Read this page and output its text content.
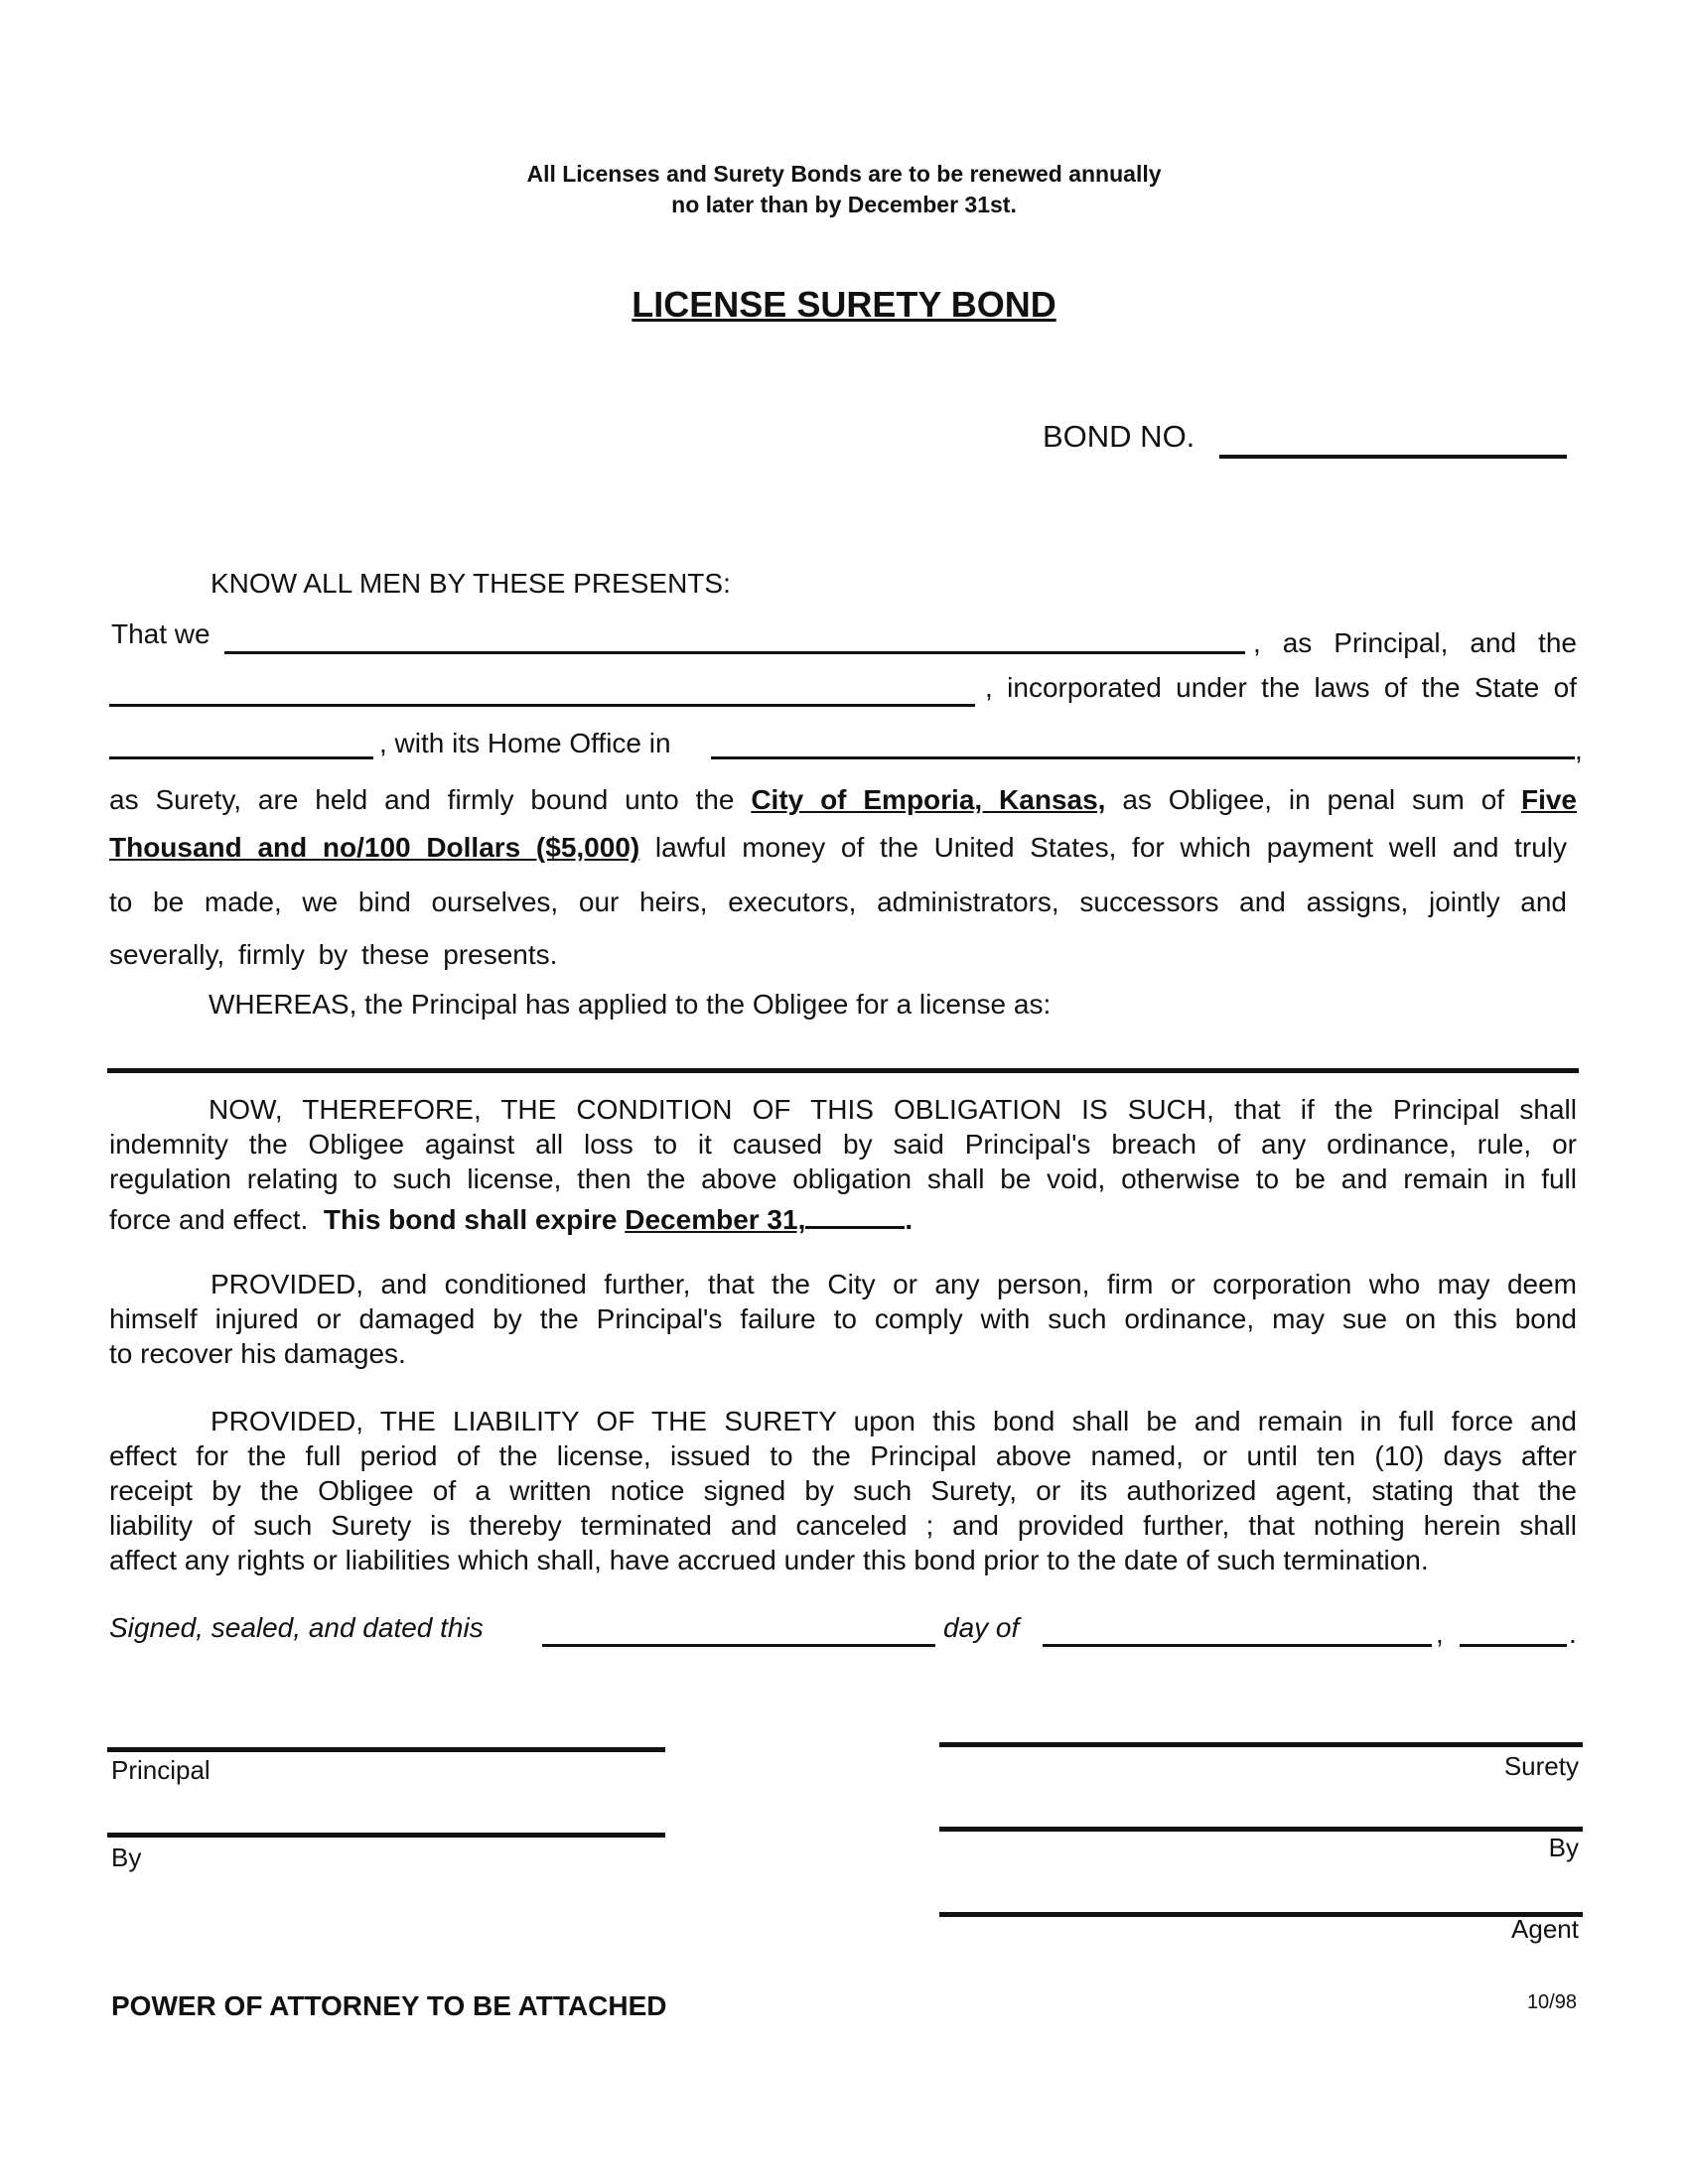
All Licenses and Surety Bonds are to be renewed annually
no later than by December 31st.
LICENSE SURETY BOND
BOND NO.
KNOW ALL MEN BY THESE PRESENTS:
That we	, as Principal, and the
, incorporated under the laws of the State of
, with its Home Office in	,
as Surety, are held and firmly bound unto the City of Emporia, Kansas, as Obligee, in penal sum of Five
Thousand and no/100 Dollars ($5,000) lawful money of the United States, for which payment well and truly
to be made, we bind ourselves, our heirs, executors, administrators, successors and assigns, jointly and
severally, firmly by these presents.
WHEREAS, the Principal has applied to the Obligee for a license as:
NOW, THEREFORE, THE CONDITION OF THIS OBLIGATION IS SUCH, that if the Principal shall
indemnity the Obligee against all loss to it caused by said Principal's breach of any ordinance, rule, or
regulation relating to such license, then the above obligation shall be void, otherwise to be and remain in full
force and effect. This bond shall expire December 31,	.
PROVIDED, and conditioned further, that the City or any person, firm or corporation who may deem
himself injured or damaged by the Principal's failure to comply with such ordinance, may sue on this bond
to recover his damages.
PROVIDED, THE LIABILITY OF THE SURETY upon this bond shall be and remain in full force and
effect for the full period of the license, issued to the Principal above named, or until ten (10) days after
receipt by the Obligee of a written notice signed by such Surety, or its authorized agent, stating that the
liability of such Surety is thereby terminated and canceled ; and provided further, that nothing herein shall
affect any rights or liabilities which shall, have accrued under this bond prior to the date of such termination.
Signed, sealed, and dated this	day of	,	.
Principal
By
Surety
By
Agent
POWER OF ATTORNEY TO BE ATTACHED	10/98
